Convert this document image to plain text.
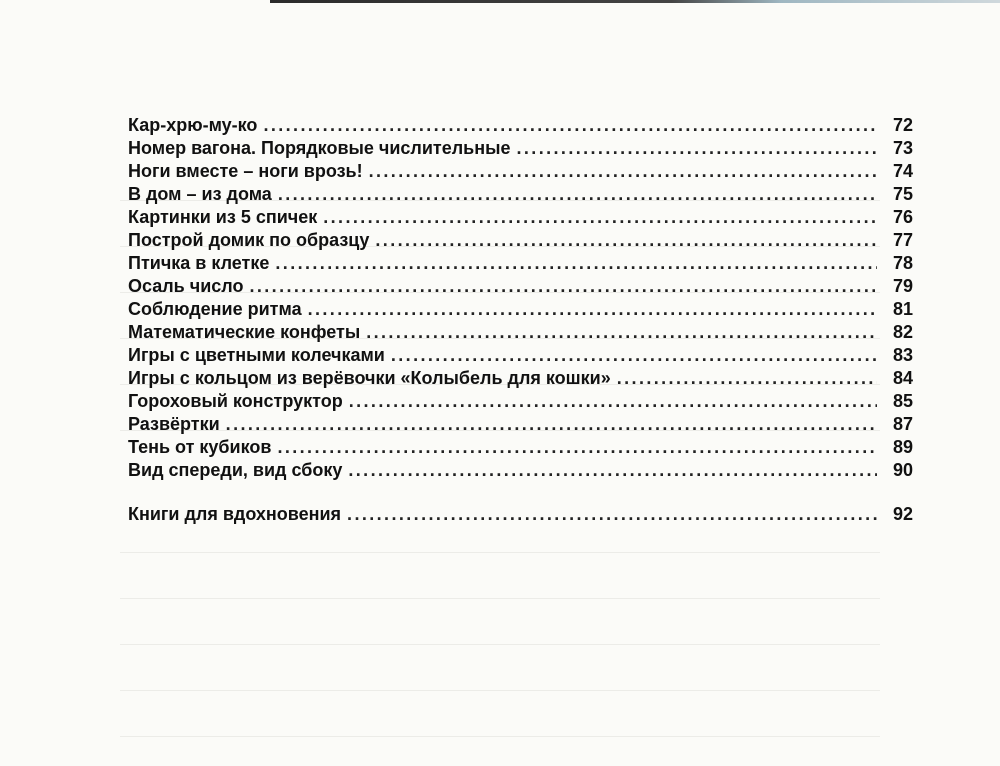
Кар-хрю-му-ко . . .	72
Номер вагона. Порядковые числительные . . .	73
Ноги вместе – ноги врозь! . . .	74
В дом – из дома . . .	75
Картинки из 5 спичек . . .	76
Построй домик по образцу . . .	77
Птичка в клетке . . .	78
Осаль число . . .	79
Соблюдение ритма . . .	81
Математические конфеты . . .	82
Игры с цветными колечками . . .	83
Игры с кольцом из верёвочки «Колыбель для кошки» . . .	84
Гороховый конструктор . . .	85
Развёртки . . .	87
Тень от кубиков . . .	89
Вид спереди, вид сбоку . . .	90
Книги для вдохновения . . .	92
